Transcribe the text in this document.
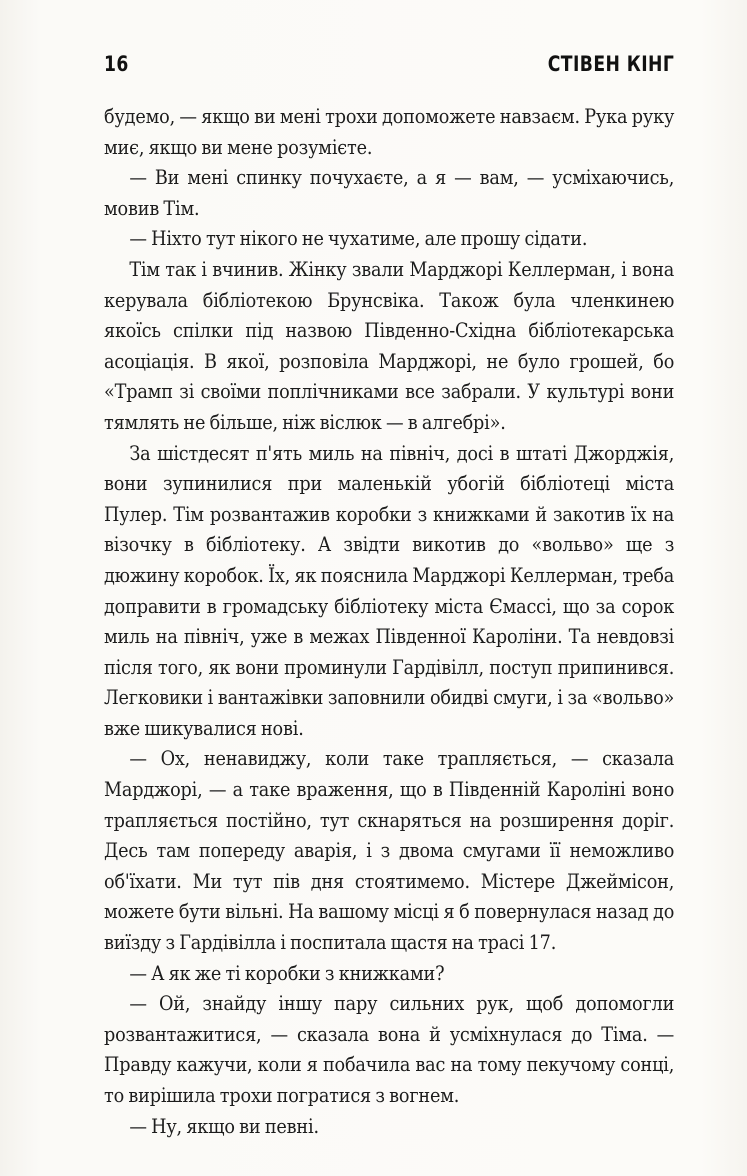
16	СТІВЕН КІНГ

будемо, — якщо ви мені трохи допоможете навзаєм. Рука руку миє, якщо ви мене розумієте.

— Ви мені спинку почухаєте, а я — вам, — усміхаючись, мовив Тім.

— Ніхто тут нікого не чухатиме, але прошу сідати.

Тім так і вчинив. Жінку звали Марджорі Келлерман, і вона керувала бібліотекою Брунсвіка. Також була членкинею якоїсь спілки під назвою Південно-Східна бібліотекарська асоціація. В якої, розповіла Марджорі, не було грошей, бо «Трамп зі своїми поплічниками все забрали. У культурі вони тямлять не більше, ніж віслюк — в алгебрі».

За шістдесят п'ять миль на північ, досі в штаті Джорджія, вони зупинилися при маленькій убогій бібліотеці міста Пулер. Тім розвантажив коробки з книжками й закотив їх на візочку в бібліотеку. А звідти викотив до «вольво» ще з дюжину коробок. Їх, як пояснила Марджорі Келлерман, треба доправити в громадську бібліотеку міста Ємассі, що за сорок миль на північ, уже в межах Південної Кароліни. Та невдовзі після того, як вони проминули Гардівілл, поступ припинився. Легковики і вантажівки заповнили обидві смуги, і за «вольво» вже шикувалися нові.

— Ох, ненавиджу, коли таке трапляється, — сказала Марджорі, — а таке враження, що в Південній Кароліні воно трапляється постійно, тут скнаряться на розширення доріг. Десь там попереду аварія, і з двома смугами її неможливо об'їхати. Ми тут пів дня стоятимемо. Містере Джеймісон, можете бути вільні. На вашому місці я б повернулася назад до виїзду з Гардівілла і поспитала щастя на трасі 17.

— А як же ті коробки з книжками?

— Ой, знайду іншу пару сильних рук, щоб допомогли розвантажитися, — сказала вона й усміхнулася до Тіма. — Правду кажучи, коли я побачила вас на тому пекучому сонці, то вирішила трохи погратися з вогнем.

— Ну, якщо ви певні.
